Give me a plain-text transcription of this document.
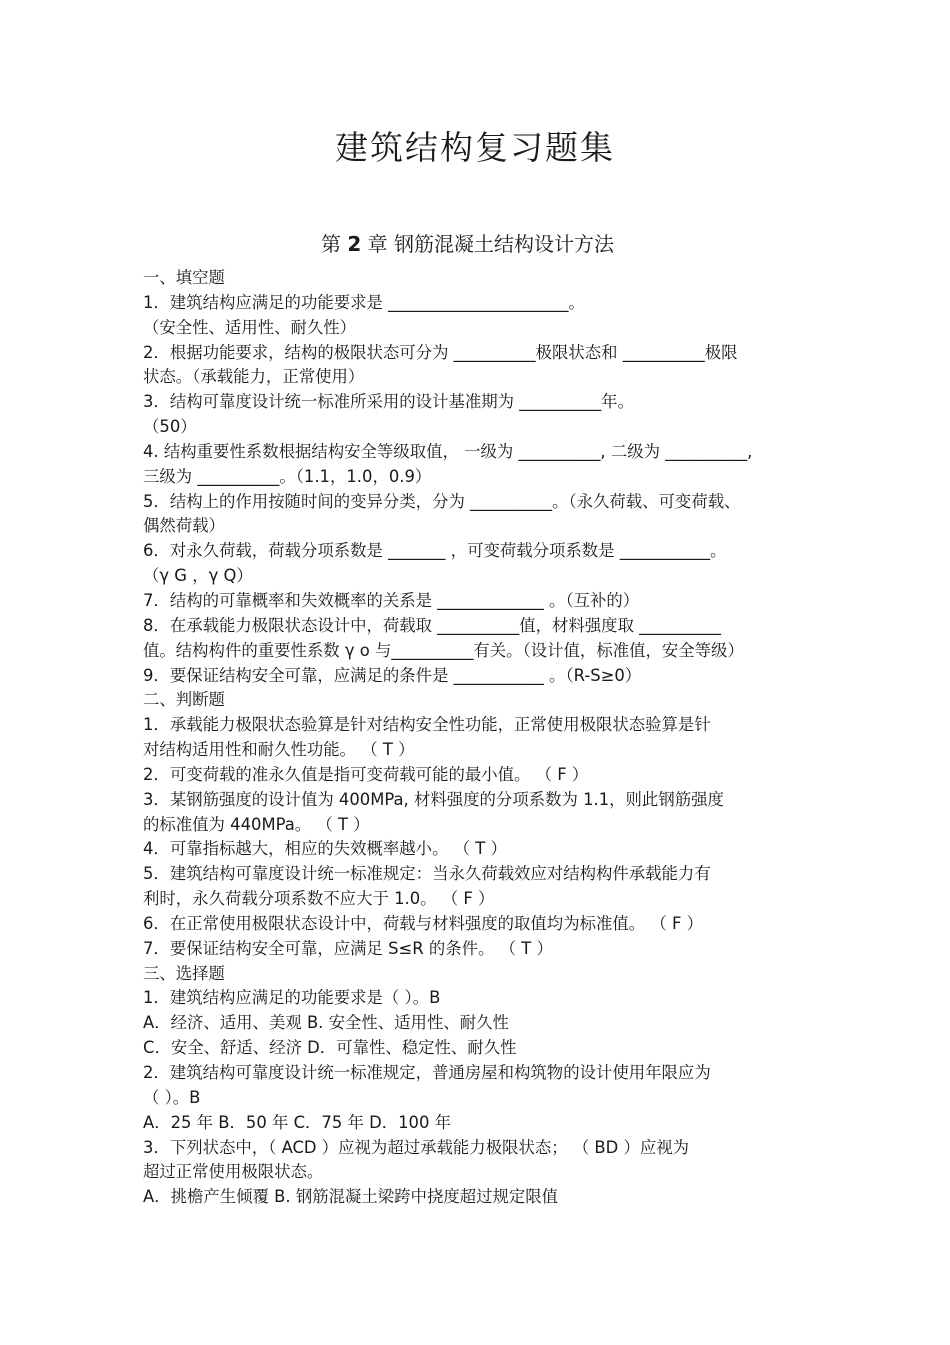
建筑结构复习题集
第 2 章 钢筋混凝土结构设计方法
一、填空题
1．建筑结构应满足的功能要求是 ______________________。
（安全性、适用性、耐久性）
2．根据功能要求，结构的极限状态可分为 __________极限状态和 __________极限
状态。（承载能力，正常使用）
3．结构可靠度设计统一标准所采用的设计基准期为 __________年。
（50）
4. 结构重要性系数根据结构安全等级取值， 一级为 __________, 二级为 __________,
三级为 __________。（1.1，1.0，0.9）
5．结构上的作用按随时间的变异分类，分为 __________。（永久荷载、可变荷载、
偶然荷载）
6．对永久荷载，荷载分项系数是 _______ ，可变荷载分项系数是 ___________。
（γ G ，γ Q）
7．结构的可靠概率和失效概率的关系是 _____________ 。（互补的）
8．在承载能力极限状态设计中，荷载取 __________值，材料强度取 __________
值。结构构件的重要性系数 γ o 与__________有关。（设计值，标准值，安全等级）
9．要保证结构安全可靠，应满足的条件是 ___________ 。（R-S≥0）
二、判断题
1．承载能力极限状态验算是针对结构安全性功能，正常使用极限状态验算是针
对结构适用性和耐久性功能。 （ T ）
2．可变荷载的准永久值是指可变荷载可能的最小值。 （ F ）
3．某钢筋强度的设计值为 400MPa, 材料强度的分项系数为 1.1，则此钢筋强度
的标准值为 440MPa。 （ T ）
4．可靠指标越大，相应的失效概率越小。 （ T ）
5．建筑结构可靠度设计统一标准规定：当永久荷载效应对结构构件承载能力有
利时，永久荷载分项系数不应大于 1.0。 （ F ）
6．在正常使用极限状态设计中，荷载与材料强度的取值均为标准值。 （ F ）
7．要保证结构安全可靠，应满足 S≤R 的条件。 （ T ）
三、选择题
1．建筑结构应满足的功能要求是（ ）。B
A．经济、适用、美观 B. 安全性、适用性、耐久性
C．安全、舒适、经济 D．可靠性、稳定性、耐久性
2．建筑结构可靠度设计统一标准规定，普通房屋和构筑物的设计使用年限应为
（ ）。B
A．25 年 B．50 年 C．75 年 D．100 年
3．下列状态中，（ ACD ）应视为超过承载能力极限状态； （ BD ）应视为
超过正常使用极限状态。
A．挑檐产生倾覆 B. 钢筋混凝土梁跨中挠度超过规定限值
